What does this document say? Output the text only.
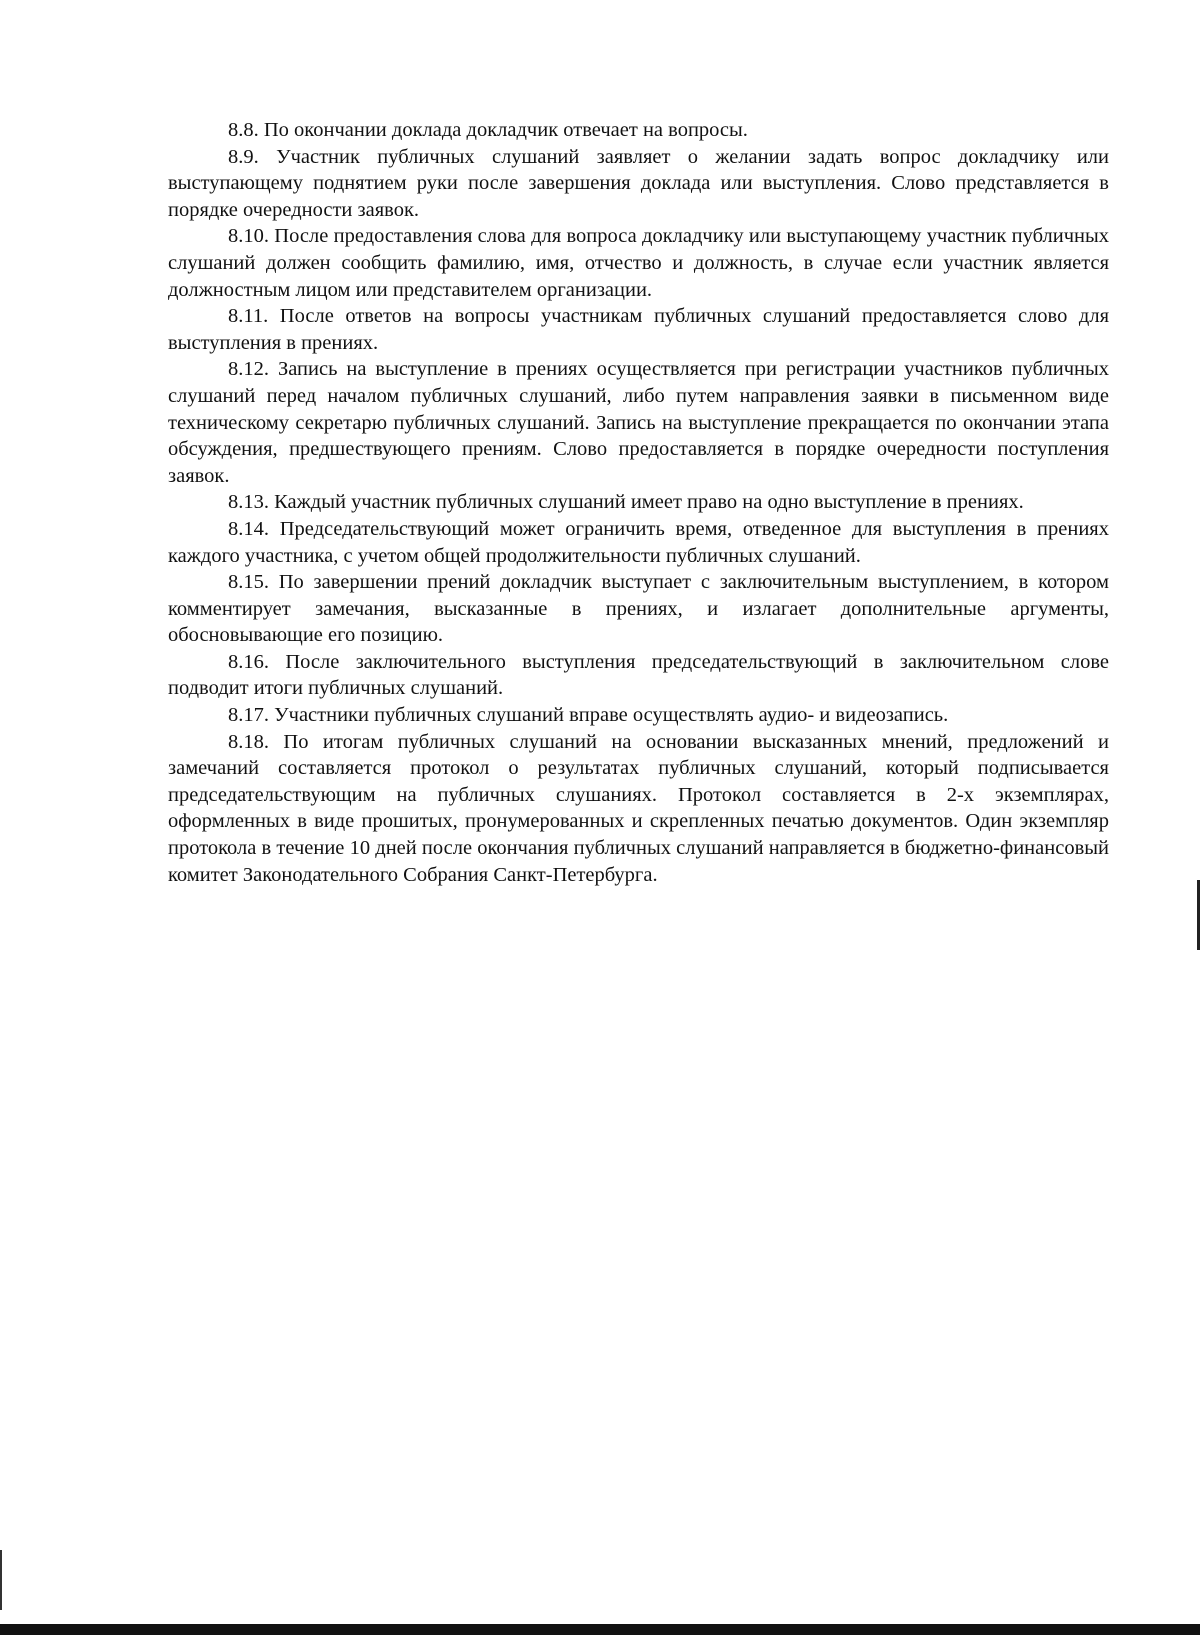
8.8. По окончании доклада докладчик отвечает на вопросы.

8.9. Участник публичных слушаний заявляет о желании задать вопрос докладчику или выступающему поднятием руки после завершения доклада или выступления. Слово представляется в порядке очередности заявок.

8.10. После предоставления слова для вопроса докладчику или выступающему участник публичных слушаний должен сообщить фамилию, имя, отчество и должность, в случае если участник является должностным лицом или представителем организации.

8.11. После ответов на вопросы участникам публичных слушаний предоставляется слово для выступления в прениях.

8.12. Запись на выступление в прениях осуществляется при регистрации участников публичных слушаний перед началом публичных слушаний, либо путем направления заявки в письменном виде техническому секретарю публичных слушаний. Запись на выступление прекращается по окончании этапа обсуждения, предшествующего прениям. Слово предоставляется в порядке очередности поступления заявок.

8.13. Каждый участник публичных слушаний имеет право на одно выступление в прениях.

8.14. Председательствующий может ограничить время, отведенное для выступления в прениях каждого участника, с учетом общей продолжительности публичных слушаний.

8.15. По завершении прений докладчик выступает с заключительным выступлением, в котором комментирует замечания, высказанные в прениях, и излагает дополнительные аргументы, обосновывающие его позицию.

8.16. После заключительного выступления председательствующий в заключительном слове подводит итоги публичных слушаний.

8.17. Участники публичных слушаний вправе осуществлять аудио- и видеозапись.

8.18. По итогам публичных слушаний на основании высказанных мнений, предложений и замечаний составляется протокол о результатах публичных слушаний, который подписывается председательствующим на публичных слушаниях. Протокол составляется в 2-х экземплярах, оформленных в виде прошитых, пронумерованных и скрепленных печатью документов. Один экземпляр протокола в течение 10 дней после окончания публичных слушаний направляется в бюджетно-финансовый комитет Законодательного Собрания Санкт-Петербурга.
